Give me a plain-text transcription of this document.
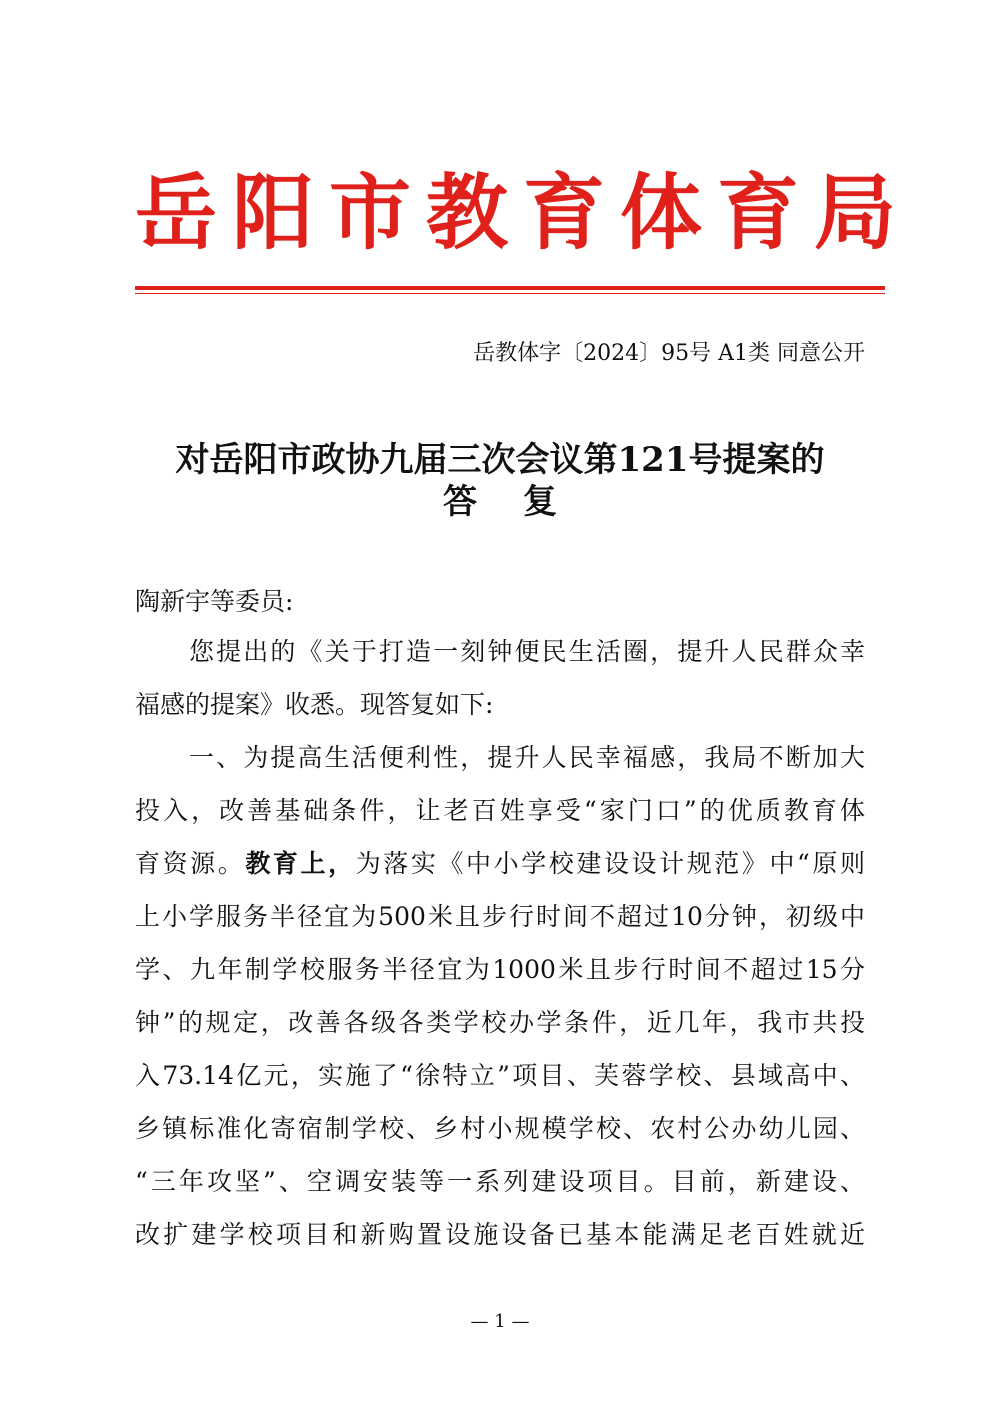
岳阳市教育体育局
岳教体字〔2024〕95号 A1类 同意公开
对岳阳市政协九届三次会议第121号提案的
答复
陶新宇等委员:
您提出的《关于打造一刻钟便民生活圈，提升人民群众幸
福感的提案》收悉。现答复如下:
一、为提高生活便利性，提升人民幸福感，我局不断加大
投入，改善基础条件，让老百姓享受“家门口”的优质教育体
育资源。教育上，为落实《中小学校建设设计规范》中“原则
上小学服务半径宜为500米且步行时间不超过10分钟，初级中
学、九年制学校服务半径宜为1000米且步行时间不超过15分
钟”的规定，改善各级各类学校办学条件，近几年，我市共投
入73.14亿元，实施了“徐特立”项目、芙蓉学校、县域高中、
乡镇标准化寄宿制学校、乡村小规模学校、农村公办幼儿园、
“三年攻坚”、空调安装等一系列建设项目。目前，新建设、
改扩建学校项目和新购置设施设备已基本能满足老百姓就近
— 1 —
